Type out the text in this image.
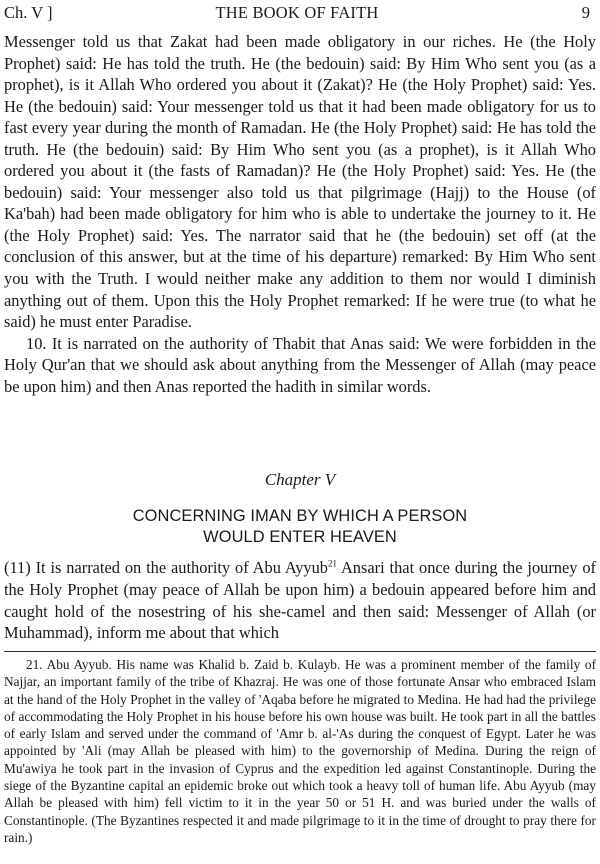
Ch. V ]	THE BOOK OF FAITH	9

Messenger told us that Zakat had been made obligatory in our riches. He (the Holy Prophet) said: He has told the truth. He (the bedouin) said: By Him Who sent you (as a prophet), is it Allah Who ordered you about it (Zakat)? He (the Holy Prophet) said: Yes. He (the bedouin) said: Your messenger told us that it had been made obligatory for us to fast every year during the month of Ramadan. He (the Holy Prophet) said: He has told the truth. He (the bedouin) said: By Him Who sent you (as a prophet), is it Allah Who ordered you about it (the fasts of Ramadan)? He (the Holy Prophet) said: Yes. He (the bedouin) said: Your messenger also told us that pilgrimage (Hajj) to the House (of Ka'bah) had been made obligatory for him who is able to undertake the journey to it. He (the Holy Prophet) said: Yes. The narrator said that he (the bedouin) set off (at the conclusion of this answer, but at the time of his departure) remarked: By Him Who sent you with the Truth. I would neither make any addition to them nor would I diminish anything out of them. Upon this the Holy Prophet remarked: If he were true (to what he said) he must enter Paradise.

10. It is narrated on the authority of Thabit that Anas said: We were forbidden in the Holy Qur'an that we should ask about anything from the Messenger of Allah (may peace be upon him) and then Anas reported the hadith in similar words.

Chapter V
CONCERNING IMAN BY WHICH A PERSON
WOULD ENTER HEAVEN

(11) It is narrated on the authority of Abu Ayyub$^{21}$ Ansari that once during the journey of the Holy Prophet (may peace of Allah be upon him) a bedouin appeared before him and caught hold of the nosestring of his she-camel and then said: Messenger of Allah (or Muhammad), inform me about that which

21. Abu Ayyub. His name was Khalid b. Zaid b. Kulayb. He was a prominent member of the family of Najjar, an important family of the tribe of Khazraj. He was one of those fortunate Ansar who embraced Islam at the hand of the Holy Prophet in the valley of 'Aqaba before he migrated to Medina. He had had the privilege of accommodating the Holy Prophet in his house before his own house was built. He took part in all the battles of early Islam and served under the command of 'Amr b. al-'As during the conquest of Egypt. Later he was appointed by 'Ali (may Allah be pleased with him) to the governorship of Medina. During the reign of Mu'awiya he took part in the invasion of Cyprus and the expedition led against Constantinople. During the siege of the Byzantine capital an epidemic broke out which took a heavy toll of human life. Abu Ayyub (may Allah be pleased with him) fell victim to it in the year 50 or 51 H. and was buried under the walls of Constantinople. (The Byzantines respected it and made pilgrimage to it in the time of drought to pray there for rain.)
